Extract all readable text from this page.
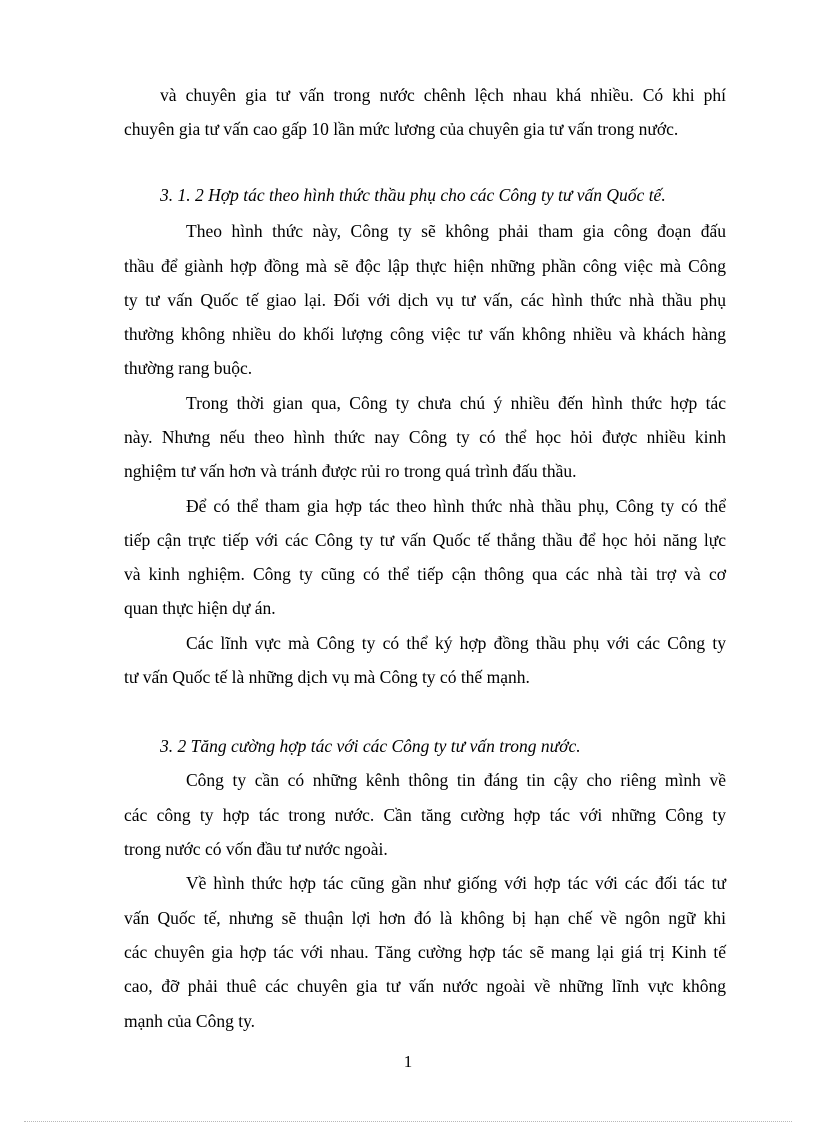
và chuyên gia tư vấn trong nước chênh lệch nhau khá nhiều. Có khi phí
chuyên gia tư vấn cao gấp 10 lần mức lương của chuyên gia tư vấn trong nước.
3. 1. 2 Hợp tác theo hình thức thầu phụ cho các Công ty tư vấn Quốc tế.
Theo hình thức này, Công ty sẽ không phải tham gia công đoạn đấu
thầu để giành hợp đồng mà sẽ độc lập thực hiện những phần công việc mà Công
ty tư vấn Quốc tế giao lại. Đối với dịch vụ tư vấn, các hình thức nhà thầu phụ
thường không nhiều do khối lượng công việc tư vấn không nhiều và khách hàng
thường rang buộc.
Trong thời gian qua, Công ty chưa chú ý nhiều đến hình thức hợp tác
này. Nhưng nếu theo hình thức nay Công ty có thể học hỏi được nhiều kinh
nghiệm tư vấn hơn và tránh được rủi ro trong quá trình đấu thầu.
Để có thể tham gia hợp tác theo hình thức nhà thầu phụ, Công ty có thể
tiếp cận trực tiếp với các Công ty tư vấn Quốc tế thắng thầu để học hỏi năng lực
và kinh nghiệm. Công ty cũng có thể tiếp cận thông qua các nhà tài trợ và cơ
quan thực hiện dự án.
Các lĩnh vực mà Công ty có thể ký hợp đồng thầu phụ với các Công ty
tư vấn Quốc tế là những dịch vụ mà Công ty có thế mạnh.
3. 2 Tăng cường hợp tác với các Công ty tư vấn trong nước.
Công ty cần có những kênh thông tin đáng tin cậy cho riêng mình về
các công ty hợp tác trong nước. Cần tăng cường hợp tác với những Công ty
trong nước có vốn đầu tư nước ngoài.
Về hình thức hợp tác cũng gần như giống với hợp tác với các đối tác tư
vấn Quốc tế, nhưng sẽ thuận lợi hơn đó là không bị hạn chế về ngôn ngữ khi
các chuyên gia hợp tác với nhau. Tăng cường hợp tác sẽ mang lại giá trị Kinh tế
cao, đỡ phải thuê các chuyên gia tư vấn nước ngoài về những lĩnh vực không
mạnh của Công ty.
1
